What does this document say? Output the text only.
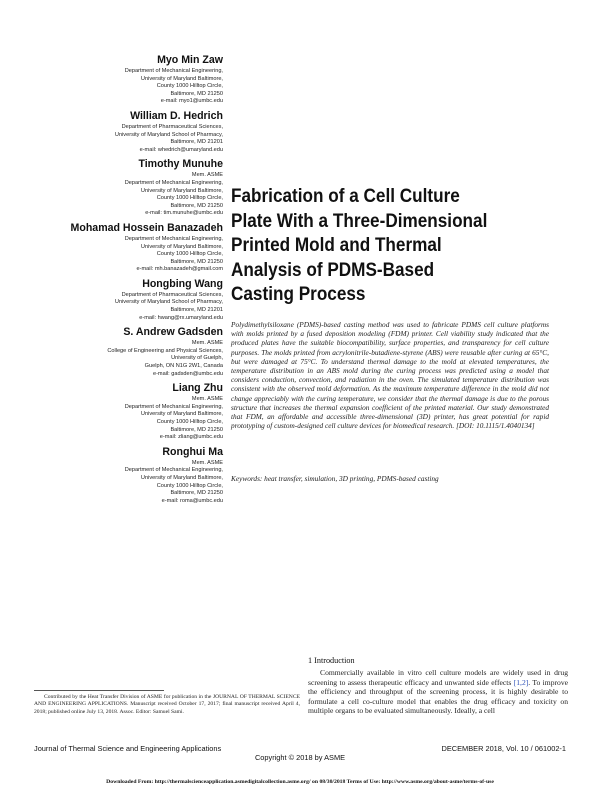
Myo Min Zaw
Department of Mechanical Engineering,
University of Maryland Baltimore,
County 1000 Hilltop Circle,
Baltimore, MD 21250
e-mail: myo1@umbc.edu
William D. Hedrich
Department of Pharmaceutical Sciences,
University of Maryland School of Pharmacy,
Baltimore, MD 21201
e-mail: whedrich@umaryland.edu
Timothy Munuhe
Mem. ASME
Department of Mechanical Engineering,
University of Maryland Baltimore,
County 1000 Hilltop Circle,
Baltimore, MD 21250
e-mail: tim.munuhe@umbc.edu
Mohamad Hossein Banazadeh
Department of Mechanical Engineering,
University of Maryland Baltimore,
County 1000 Hilltop Circle,
Baltimore, MD 21250
e-mail: mh.banazadeh@gmail.com
Hongbing Wang
Department of Pharmaceutical Sciences,
University of Maryland School of Pharmacy,
Baltimore, MD 21201
e-mail: hwang@rx.umaryland.edu
S. Andrew Gadsden
Mem. ASME
College of Engineering and Physical Sciences,
University of Guelph,
Guelph, ON N1G 2W1, Canada
e-mail: gadsden@umbc.edu
Liang Zhu
Mem. ASME
Department of Mechanical Engineering,
University of Maryland Baltimore,
County 1000 Hilltop Circle,
Baltimore, MD 21250
e-mail: zliang@umbc.edu
Ronghui Ma
Mem. ASME
Department of Mechanical Engineering,
University of Maryland Baltimore,
County 1000 Hilltop Circle,
Baltimore, MD 21250
e-mail: roma@umbc.edu
Fabrication of a Cell Culture
Plate With a Three-Dimensional
Printed Mold and Thermal
Analysis of PDMS-Based
Casting Process

Polydimethylsiloxane (PDMS)-based casting method was used to fabricate PDMS cell culture platforms with molds printed by a fused deposition modeling (FDM) printer. Cell viability study indicated that the produced plates have the suitable biocompatibility, surface properties, and transparency for cell culture purposes. The molds printed from acrylonitrile-butadiene-styrene (ABS) were reusable after curing at 65°C, but were damaged at 75°C. To understand thermal damage to the mold at elevated temperatures, the temperature distribution in an ABS mold during the curing process was predicted using a model that considers conduction, convection, and radiation in the oven. The simulated temperature distribution was consistent with the observed mold deformation. As the maximum temperature difference in the mold did not change appreciably with the curing temperature, we consider that the thermal damage is due to the porous structure that increases the thermal expansion coefficient of the printed material. Our study demonstrated that FDM, an affordable and accessible three-dimensional (3D) printer, has great potential for rapid prototyping of custom-designed cell culture devices for biomedical research. [DOI: 10.1115/1.4040134]

Keywords: heat transfer, simulation, 3D printing, PDMS-based casting

1 Introduction

Commercially available in vitro cell culture models are widely used in drug screening to assess therapeutic efficacy and unwanted side effects [1,2]. To improve the efficiency and throughput of the screening process, it is highly desirable to formulate a cell co-culture model that enables the drug efficacy and toxicity on multiple organs to be evaluated simultaneously. Ideally, a cell

Contributed by the Heat Transfer Division of ASME for publication in the JOURNAL OF THERMAL SCIENCE AND ENGINEERING APPLICATIONS. Manuscript received October 17, 2017; final manuscript received April 4, 2018; published online July 13, 2018. Assoc. Editor: Samuel Sami.

Journal of Thermal Science and Engineering Applications	DECEMBER 2018, Vol. 10 / 061002-1
Copyright © 2018 by ASME
Downloaded From: http://thermalscienceapplication.asmedigitalcollection.asme.org/ on 08/30/2018 Terms of Use: http://www.asme.org/about-asme/terms-of-use
